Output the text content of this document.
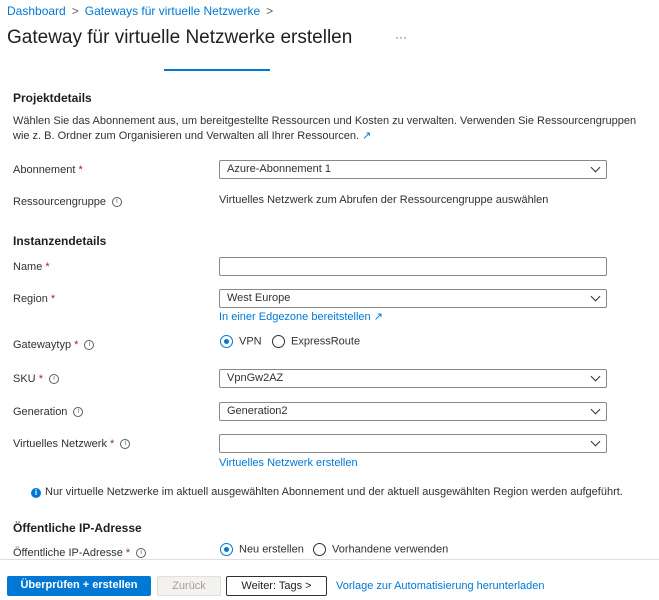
Dashboard > Gateways für virtuelle Netzwerke >
Gateway für virtuelle Netzwerke erstellen	···
Projektdetails
Wählen Sie das Abonnement aus, um bereitgestellte Ressourcen und Kosten zu verwalten. Verwenden Sie Ressourcengruppen
wie z. B. Ordner zum Organisieren und Verwalten all Ihrer Ressourcen. ↗
Abonnement *	Azure-Abonnement 1
Ressourcengruppe i	Virtuelles Netzwerk zum Abrufen der Ressourcengruppe auswählen
Instanzendetails
Name *
Region *	West Europe
In einer Edgezone bereitstellen ↗
Gatewaytyp * i	VPN	ExpressRoute
SKU * i	VpnGw2AZ
Generation i	Generation2
Virtuelles Netzwerk * i
Virtuelles Netzwerk erstellen
i Nur virtuelle Netzwerke im aktuell ausgewählten Abonnement und der aktuell ausgewählten Region werden aufgeführt.
Öffentliche IP-Adresse
Öffentliche IP-Adresse * i	Neu erstellen	Vorhandene verwenden
Überprüfen + erstellen	Zurück	Weiter: Tags >	Vorlage zur Automatisierung herunterladen
